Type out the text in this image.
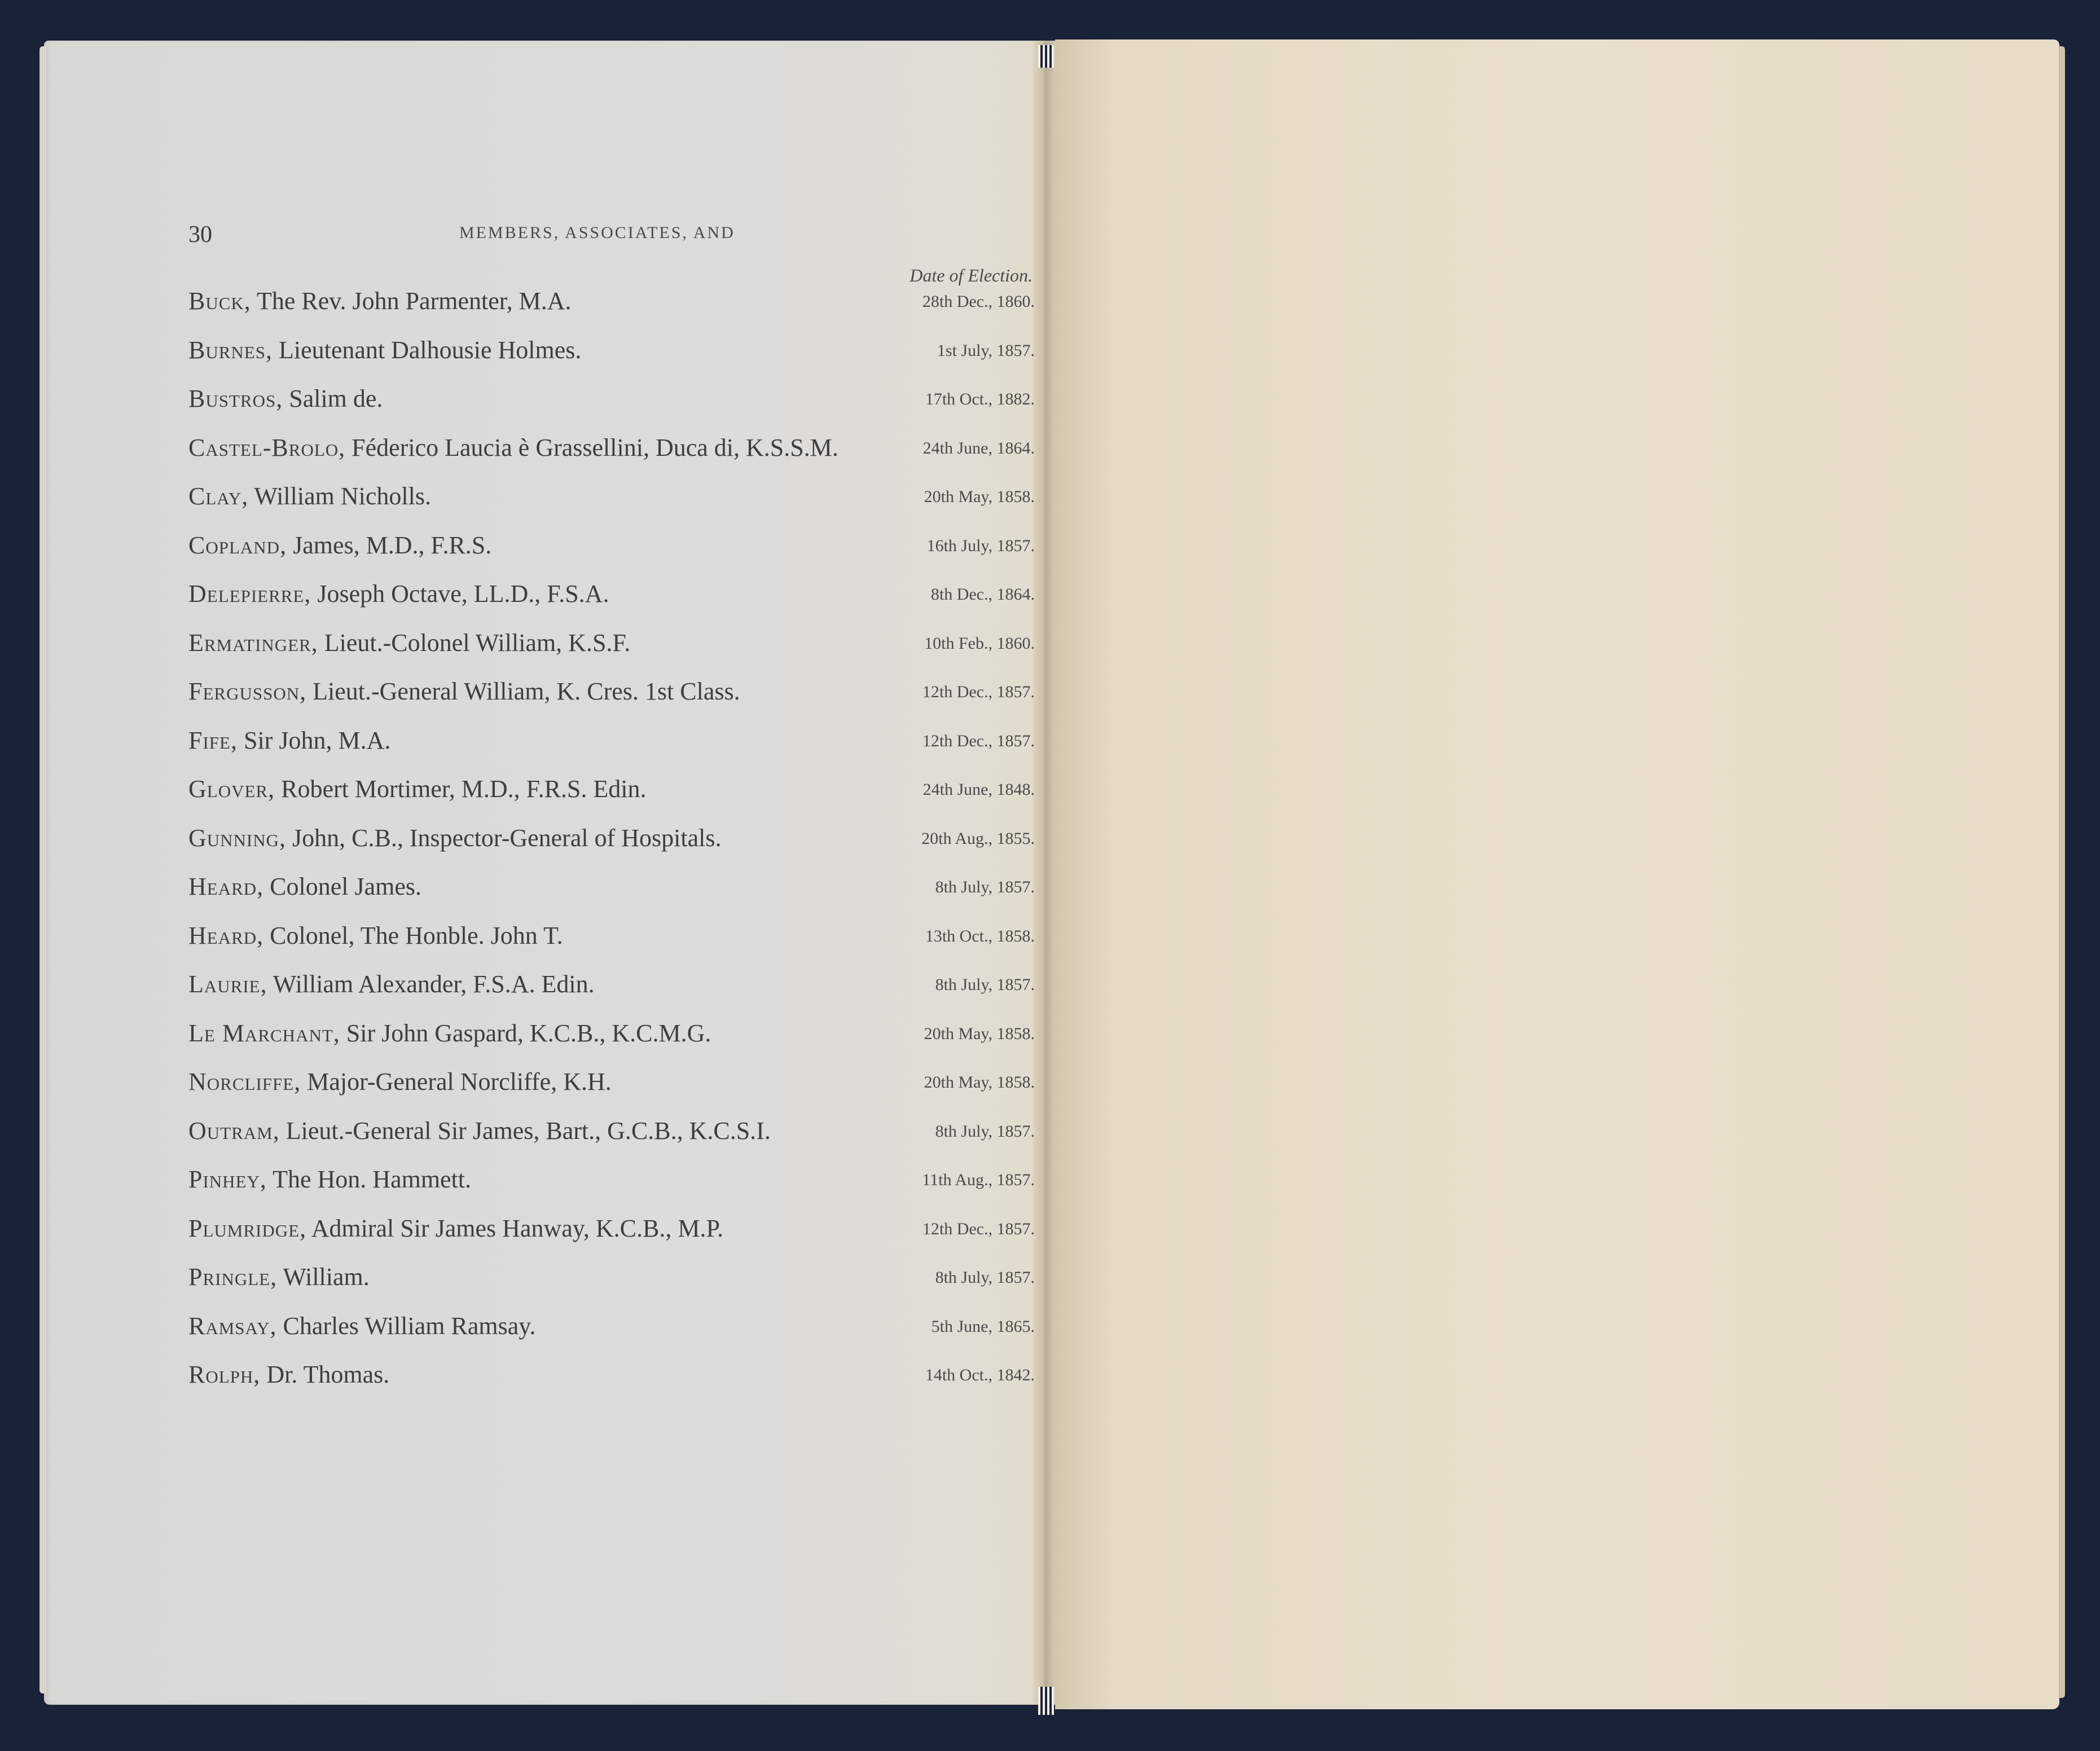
30	MEMBERS, ASSOCIATES, AND
Date of Election.
Buck, The Rev. John Parmenter, M.A.	28th Dec., 1860.
Burnes, Lieutenant Dalhousie Holmes.	1st July, 1857.
Bustros, Salim de.	17th Oct., 1882.
Castel-Brolo, Féderico Laucia è Grassellini, Duca di, K.S.S.M.	24th June, 1864.
Clay, William Nicholls.	20th May, 1858.
Copland, James, M.D., F.R.S.	16th July, 1857.
Delepierre, Joseph Octave, LL.D., F.S.A.	8th Dec., 1864.
Ermatinger, Lieut.-Colonel William, K.S.F.	10th Feb., 1860.
Fergusson, Lieut.-General William, K. Cres. 1st Class.	12th Dec., 1857.
Fife, Sir John, M.A.	12th Dec., 1857.
Glover, Robert Mortimer, M.D., F.R.S. Edin.	24th June, 1848.
Gunning, John, C.B., Inspector-General of Hospitals.	20th Aug., 1855.
Heard, Colonel James.	8th July, 1857.
Heard, Colonel, The Honble. John T.	13th Oct., 1858.
Laurie, William Alexander, F.S.A. Edin.	8th July, 1857.
Le Marchant, Sir John Gaspard, K.C.B., K.C.M.G.	20th May, 1858.
Norcliffe, Major-General Norcliffe, K.H.	20th May, 1858.
Outram, Lieut.-General Sir James, Bart., G.C.B., K.C.S.I.	8th July, 1857.
Pinhey, The Hon. Hammett.	11th Aug., 1857.
Plumridge, Admiral Sir James Hanway, K.C.B., M.P.	12th Dec., 1857.
Pringle, William.	8th July, 1857.
Ramsay, Charles William Ramsay.	5th June, 1865.
Rolph, Dr. Thomas.	14th Oct., 1842.
